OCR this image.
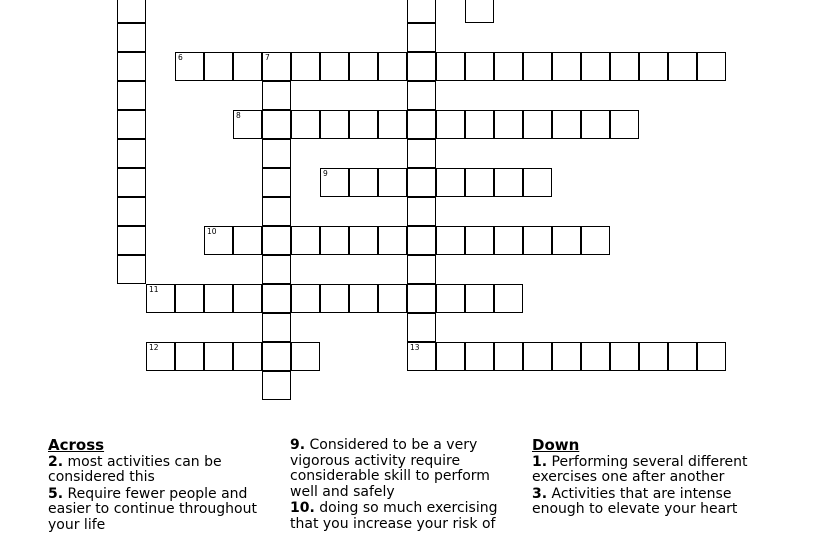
6	7
8
9
10
11
12	13

Across

2. most activities can be considered this

5. Require fewer people and easier to continue throughout your life

9. Considered to be a very vigorous activity require considerable skill to perform well and safely

10. doing so much exercising that you increase your risk of

Down

1. Performing several different exercises one after another

3. Activities that are intense enough to elevate your heart
